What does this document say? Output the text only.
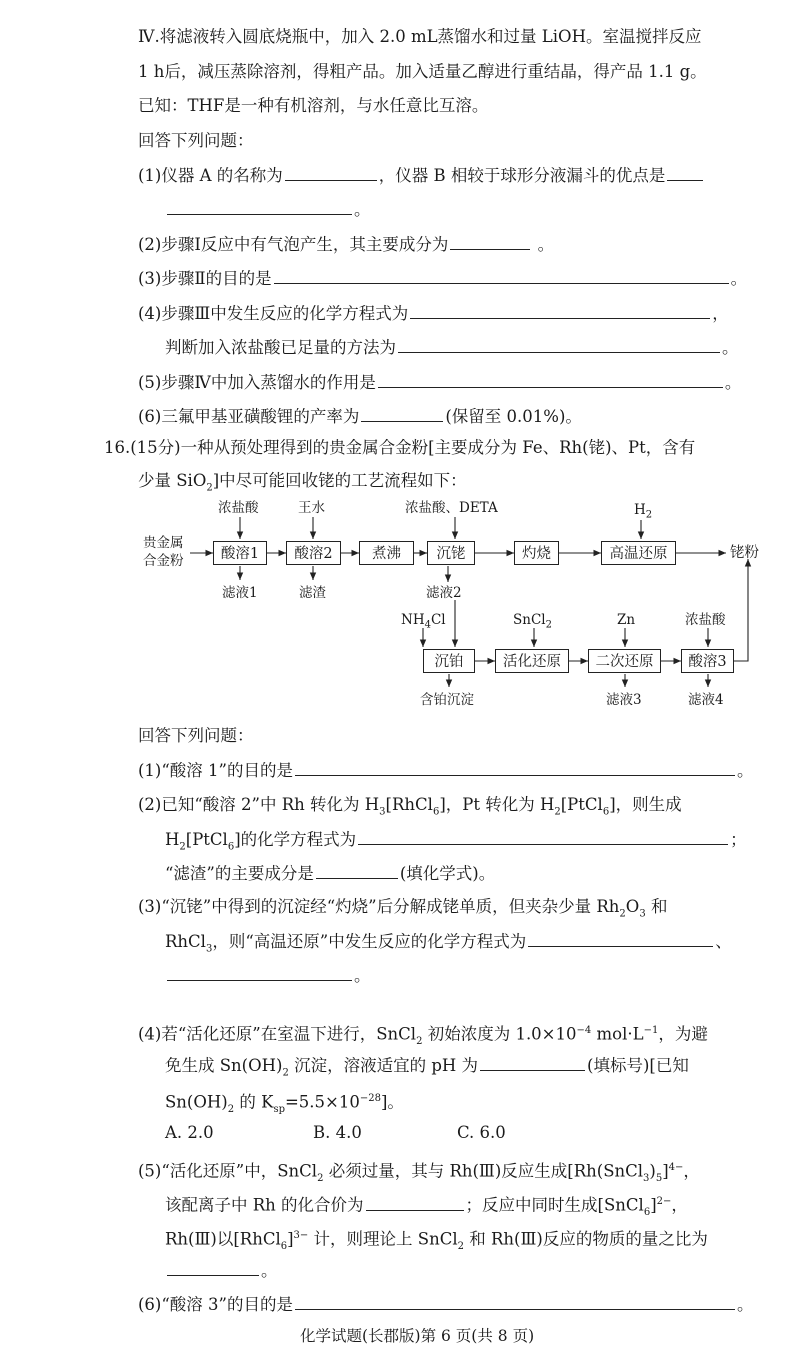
Ⅳ.将滤液转入圆底烧瓶中，加入 2.0 mL蒸馏水和过量 LiOH。室温搅拌反应
1 h后，减压蒸除溶剂，得粗产品。加入适量乙醇进行重结晶，得产品 1.1 g。
已知：THF是一种有机溶剂，与水任意比互溶。
回答下列问题：
(1)仪器 A 的名称为	，仪器 B 相较于球形分液漏斗的优点是
。
(2)步骤Ⅰ反应中有气泡产生，其主要成分为	。
(3)步骤Ⅱ的目的是	。
(4)步骤Ⅲ中发生反应的化学方程式为	，
判断加入浓盐酸已足量的方法为	。
(5)步骤Ⅳ中加入蒸馏水的作用是	。
(6)三氟甲基亚磺酸锂的产率为	(保留至 0.01%)。
16.(15分)一种从预处理得到的贵金属合金粉[主要成分为 Fe、Rh(铑)、Pt，含有
少量 SiO$_2$]中尽可能回收铑的工艺流程如下：
贵金属
合金粉
浓盐酸	王水	浓盐酸、DETA	$H_2$
酸溶1	酸溶2	煮沸	沉铑	灼烧	高温还原	铑粉
滤液1	滤渣	滤液2
$NH_4Cl$	SnCl$_2$	Zn	浓盐酸
沉铂	活化还原	二次还原	酸溶3
含铂沉淀	滤液3	滤液4
回答下列问题：
(1)“酸溶 1”的目的是	。
(2)已知“酸溶 2”中 Rh 转化为 $H_3[RhCl_6]$，Pt 转化为 $H_2[PtCl_6]$，则生成
$H_2[PtCl_6]$的化学方程式为	；
“滤渣”的主要成分是	(填化学式)。
(3)“沉铑”中得到的沉淀经“灼烧”后分解成铑单质，但夹杂少量 $Rh_2O_3$ 和
RhCl$_3$，则“高温还原”中发生反应的化学方程式为	、
。
(4)若“活化还原”在室温下进行，SnCl$_2$ 初始浓度为 $1.0\times 10^{-4}$ $mol\cdot L^{-1}$，为避
免生成 $Sn(OH)_2$ 沉淀，溶液适宜的 pH 为	(填标号)[已知
$Sn(OH)_2$ 的 $K_{sp}=5.5\times 10^{-28}$]。
A. 2.0	B. 4.0	C. 6.0
(5)“活化还原”中，SnCl$_2$ 必须过量，其与 Rh(Ⅲ)反应生成$[Rh(SnCl_3)_5]^{4-}$，
该配离子中 Rh 的化合价为	；反应中同时生成[SnCl$_6$]$^{2-}$，
Rh(Ⅲ)以[RhCl$_6$]$^{3-}$ 计，则理论上 SnCl$_2$ 和 Rh(Ⅲ)反应的物质的量之比为
。
(6)“酸溶 3”的目的是	。
化学试题(长郡版)第 6 页(共 8 页)
